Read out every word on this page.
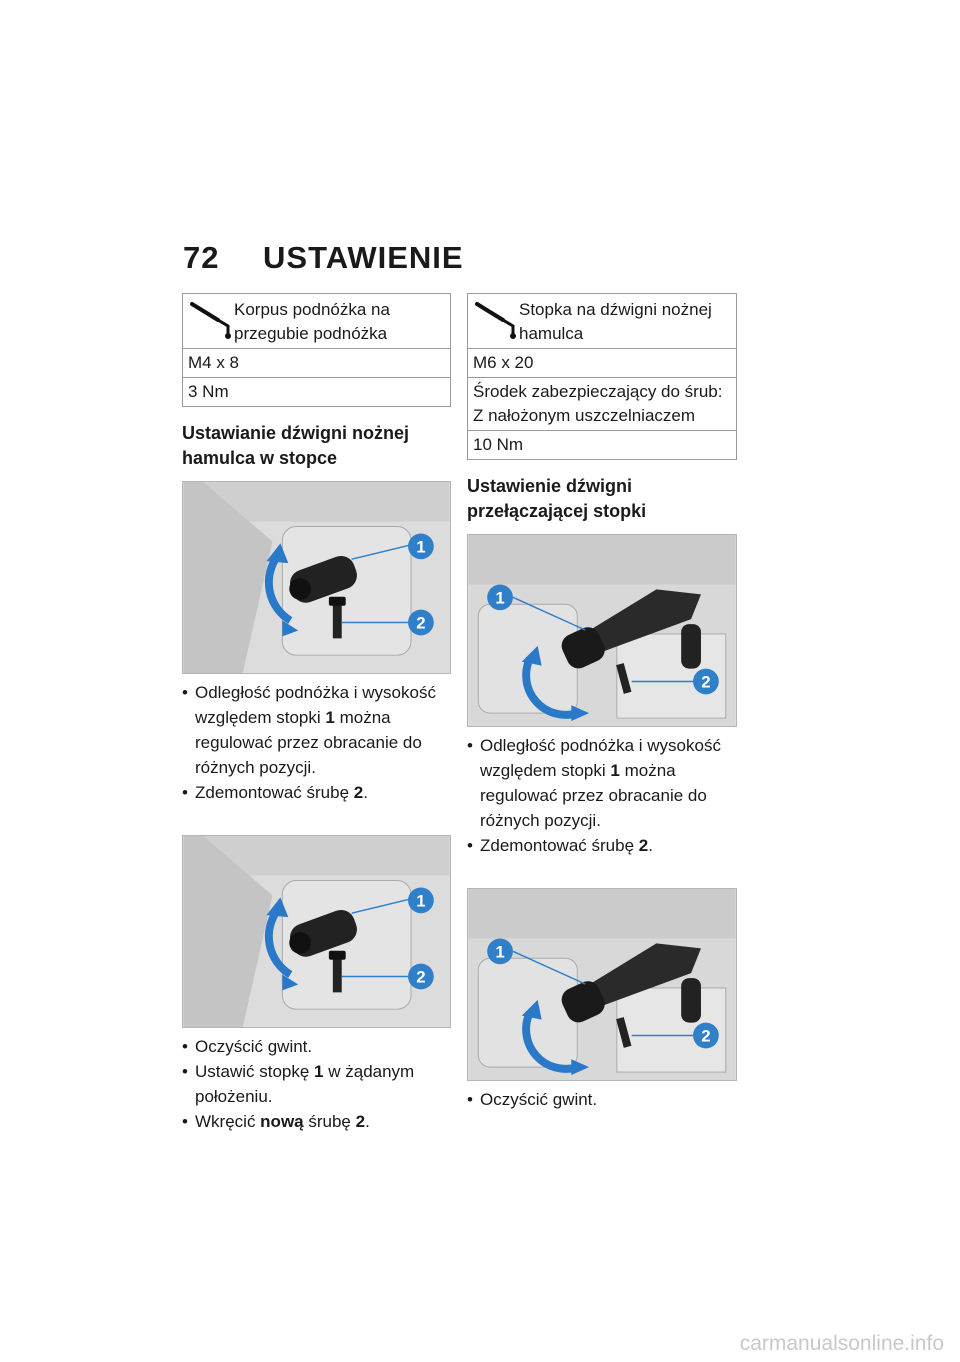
72 USTAWIENIE
Korpus podnóżka na przegubie podnóżka

M4 x 8
3 Nm
Ustawianie dźwigni nożnej hamulca w stopce
1
2
• Odległość podnóżka i wysokość względem stopki 1 można regulować przez obracanie do różnych pozycji.
• Zdemontować śrubę 2.
1
2
• Oczyścić gwint.
• Ustawić stopkę 1 w żądanym położeniu.
• Wkręcić nową śrubę 2.
Stopka na dźwigni nożnej hamulca

M6 x 20
Środek zabezpieczający do śrub: Z nałożonym uszczelniaczem
10 Nm
Ustawienie dźwigni przełączającej stopki
1
2
• Odległość podnóżka i wysokość względem stopki 1 można regulować przez obracanie do różnych pozycji.
• Zdemontować śrubę 2.
1
2
• Oczyścić gwint.
carmanualsonline.info
